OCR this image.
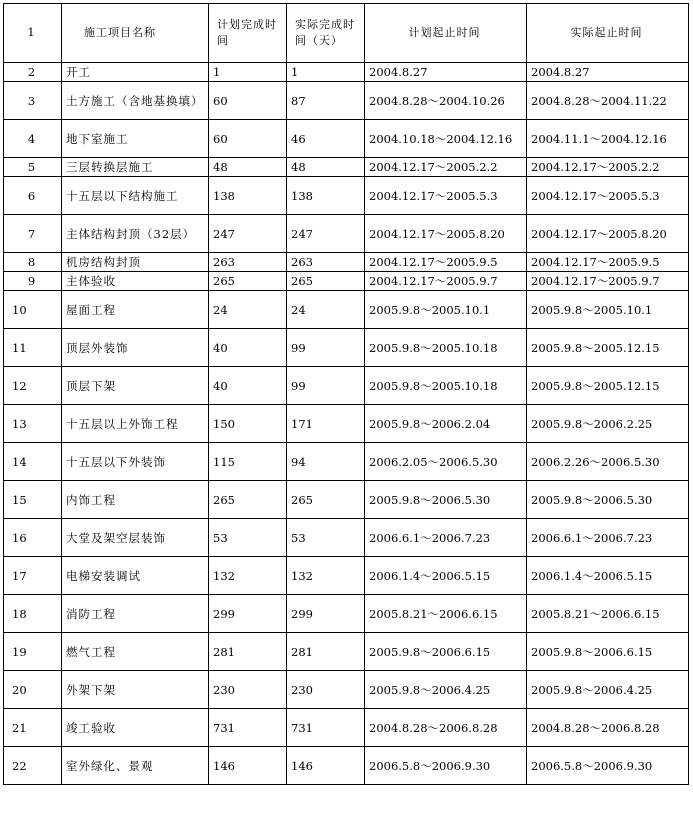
1	施工项目名称	计划完成时间	实际完成时间（天）	计划起止时间	实际起止时间
2	开工	1	1	2004.8.27	2004.8.27
3	土方施工（含地基换填）	60	87	2004.8.28～2004.10.26	2004.8.28～2004.11.22
4	地下室施工	60	46	2004.10.18～2004.12.16	2004.11.1～2004.12.16
5	三层转换层施工	48	48	2004.12.17～2005.2.2	2004.12.17～2005.2.2
6	十五层以下结构施工	138	138	2004.12.17～2005.5.3	2004.12.17～2005.5.3
7	主体结构封顶（32层）	247	247	2004.12.17～2005.8.20	2004.12.17～2005.8.20
8	机房结构封顶	263	263	2004.12.17～2005.9.5	2004.12.17～2005.9.5
9	主体验收	265	265	2004.12.17～2005.9.7	2004.12.17～2005.9.7
10	屋面工程	24	24	2005.9.8～2005.10.1	2005.9.8～2005.10.1
11	顶层外装饰	40	99	2005.9.8～2005.10.18	2005.9.8～2005.12.15
12	顶层下架	40	99	2005.9.8～2005.10.18	2005.9.8～2005.12.15
13	十五层以上外饰工程	150	171	2005.9.8～2006.2.04	2005.9.8～2006.2.25
14	十五层以下外装饰	115	94	2006.2.05～2006.5.30	2006.2.26～2006.5.30
15	内饰工程	265	265	2005.9.8～2006.5.30	2005.9.8～2006.5.30
16	大堂及架空层装饰	53	53	2006.6.1～2006.7.23	2006.6.1～2006.7.23
17	电梯安装调试	132	132	2006.1.4～2006.5.15	2006.1.4～2006.5.15
18	消防工程	299	299	2005.8.21～2006.6.15	2005.8.21～2006.6.15
19	燃气工程	281	281	2005.9.8～2006.6.15	2005.9.8～2006.6.15
20	外架下架	230	230	2005.9.8～2006.4.25	2005.9.8～2006.4.25
21	竣工验收	731	731	2004.8.28～2006.8.28	2004.8.28～2006.8.28
22	室外绿化、景观	146	146	2006.5.8～2006.9.30	2006.5.8～2006.9.30
